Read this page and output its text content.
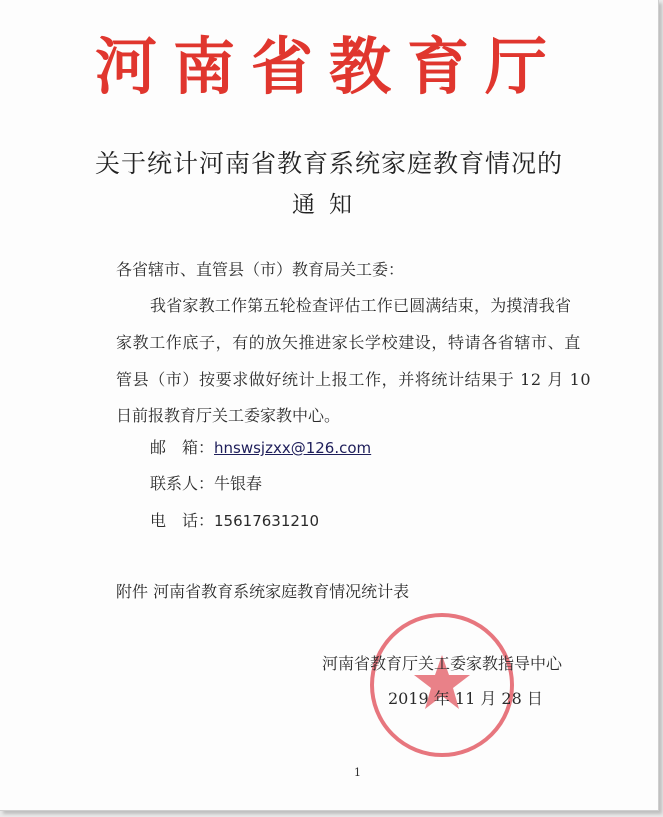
河南省教育厅
关于统计河南省教育系统家庭教育情况的
通知
各省辖市、直管县（市）教育局关工委：
我省家教工作第五轮检查评估工作已圆满结束，为摸清我省
家教工作底子，有的放矢推进家长学校建设，特请各省辖市、直
管县（市）按要求做好统计上报工作，并将统计结果于 12 月 10
日前报教育厅关工委家教中心。
邮　箱：hnswsjzxx@126.com
联系人：牛银春
电　话：15617631210
附件 河南省教育系统家庭教育情况统计表
河南省教育厅关工委家教指导中心
2019 年 11 月 28 日
1
